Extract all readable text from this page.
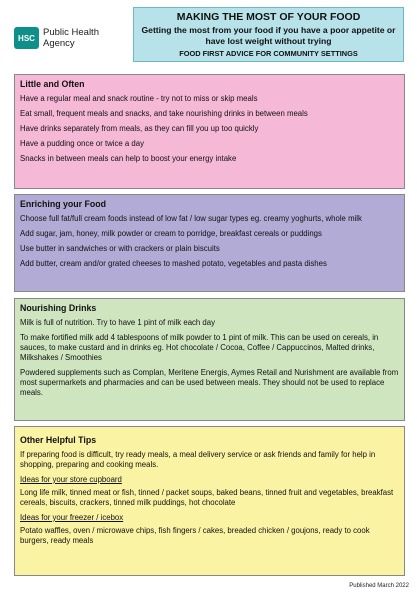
HSC Public Health
Agency
MAKING THE MOST OF YOUR FOOD
Getting the most from your food if you have a poor appetite or have lost weight without trying
FOOD FIRST ADVICE FOR COMMUNITY SETTINGS
Little and Often

Have a regular meal and snack routine - try not to miss or skip meals

Eat small, frequent meals and snacks, and take nourishing drinks in between meals

Have drinks separately from meals, as they can fill you up too quickly

Have a pudding once or twice a day

Snacks in between meals can help to boost your energy intake

Enriching your Food

Choose full fat/full cream foods instead of low fat / low sugar types eg. creamy yoghurts, whole milk

Add sugar, jam, honey, milk powder or cream to porridge, breakfast cereals or puddings

Use butter in sandwiches or with crackers or plain biscuits

Add butter, cream and/or grated cheeses to mashed potato, vegetables and pasta dishes

Nourishing Drinks

Milk is full of nutrition. Try to have 1 pint of milk each day

To make fortified milk add 4 tablespoons of milk powder to 1 pint of milk. This can be used on cereals, in sauces, to make custard and in drinks eg. Hot chocolate / Cocoa, Coffee / Cappuccinos, Malted drinks, Milkshakes / Smoothies

Powdered supplements such as Complan, Meritene Energis, Aymes Retail and Nurishment are available from most supermarkets and pharmacies and can be used between meals. They should not be used to replace meals.

Other Helpful Tips

If preparing food is difficult, try ready meals, a meal delivery service or ask friends and family for help in shopping, preparing and cooking meals.

Ideas for your store cupboard

Long life milk, tinned meat or fish, tinned / packet soups, baked beans, tinned fruit and vegetables, breakfast cereals, biscuits, crackers, tinned milk puddings, hot chocolate

Ideas for your freezer / icebox

Potato waffles, oven / microwave chips, fish fingers / cakes, breaded chicken / goujons, ready to cook burgers, ready meals

Published March 2022
